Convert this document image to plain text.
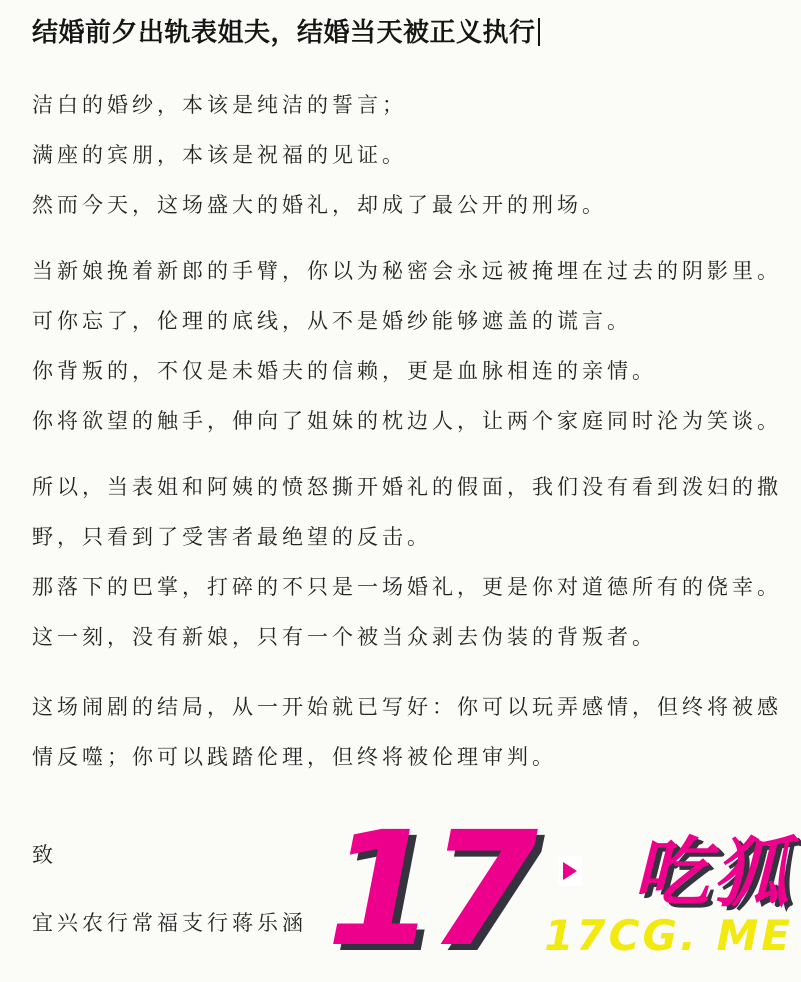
结婚前夕出轨表姐夫，结婚当天被正义执行
洁白的婚纱，本该是纯洁的誓言；
满座的宾朋，本该是祝福的见证。
然而今天，这场盛大的婚礼，却成了最公开的刑场。
当新娘挽着新郎的手臂，你以为秘密会永远被掩埋在过去的阴影里。
可你忘了，伦理的底线，从不是婚纱能够遮盖的谎言。
你背叛的，不仅是未婚夫的信赖，更是血脉相连的亲情。
你将欲望的触手，伸向了姐妹的枕边人，让两个家庭同时沦为笑谈。
所以，当表姐和阿姨的愤怒撕开婚礼的假面，我们没有看到泼妇的撒
野，只看到了受害者最绝望的反击。
那落下的巴掌，打碎的不只是一场婚礼，更是你对道德所有的侥幸。
这一刻，没有新娘，只有一个被当众剥去伪装的背叛者。
这场闹剧的结局，从一开始就已写好：你可以玩弄感情，但终将被感
情反噬；你可以践踏伦理，但终将被伦理审判。
致
宜兴农行常福支行蒋乐涵 17 吃狐
17CG. ME
